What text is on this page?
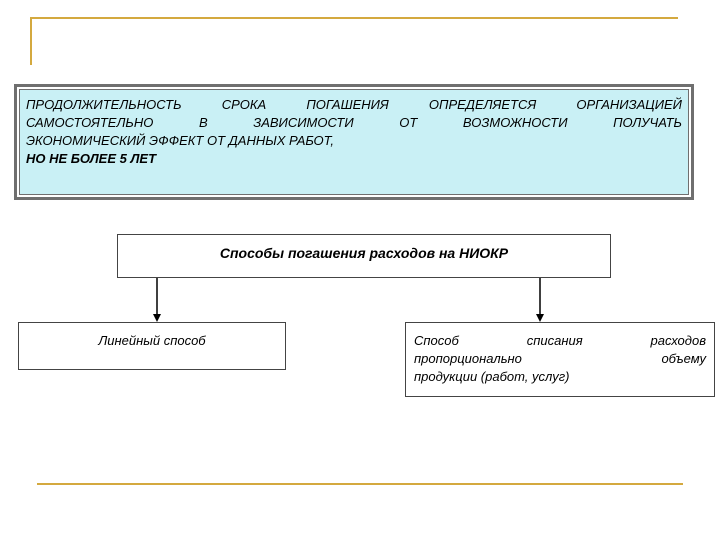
ПРОДОЛЖИТЕЛЬНОСТЬ	СРОКА	ПОГАШЕНИЯ	ОПРЕДЕЛЯЕТСЯ	ОРГАНИЗАЦИЕЙ
САМОСТОЯТЕЛЬНО	В	ЗАВИСИМОСТИ	ОТ	ВОЗМОЖНОСТИ	ПОЛУЧАТЬ
ЭКОНОМИЧЕСКИЙ ЭФФЕКТ ОТ ДАННЫХ РАБОТ,
НО НЕ БОЛЕЕ 5 ЛЕТ
Способы погашения расходов на НИОКР
Линейный способ	Способ	списания	расходов
пропорционально	объему
продукции (работ, услуг)
